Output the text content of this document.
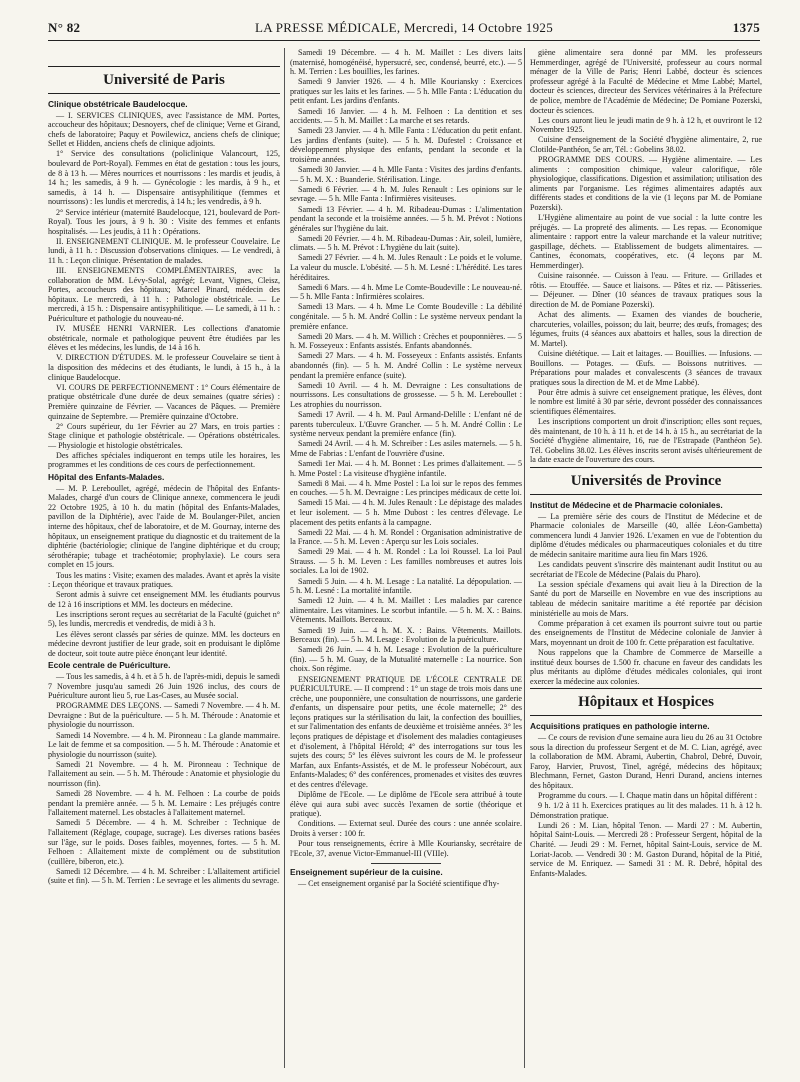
N° 82	LA PRESSE MÉDICALE, Mercredi, 14 Octobre 1925	1375
Université de Paris
Clinique obstétricale Baudelocque.

— I. SERVICES CLINIQUES, avec l'assistance de MM. Portes, accoucheur des hôpitaux; Desnoyers, chef de clinique; Verne et Girand, chefs de laboratoire; Paquy et Powilewicz, anciens chefs de clinique; Sellet et Hidden, anciens chefs de clinique adjoints.

1° Service des consultations (policlinique Valancourt, 125, boulevard de Port-Royal). Femmes en état de gestation : tous les jours, de 8 à 13 h. — Mères nourrices et nourrissons : les mardis et jeudis, à 14 h.; les samedis, à 9 h. — Gynécologie : les mardis, à 9 h., et samedis, à 14 h. — Dispensaire antisyphilitique (femmes et nourrissons) : les lundis et mercredis, à 14 h.; les vendredis, à 9 h.

2° Service intérieur (maternité Baudelocque, 121, boulevard de Port-Royal). Tous les jours, à 9 h. 30 : Visite des femmes et enfants hospitalisés. — Les jeudis, à 11 h : Opérations.

II. ENSEIGNEMENT CLINIQUE. M. le professeur Couvelaire. Le lundi, à 11 h. : Discussion d'observations cliniques. — Le vendredi, à 11 h. : Leçon clinique. Présentation de malades.

III. ENSEIGNEMENTS COMPLÉMENTAIRES, avec la collaboration de MM. Lévy-Solal, agrégé; Levant, Vignes, Cleisz, Portes, accoucheurs des hôpitaux; Marcel Pinard, médecin des hôpitaux. Le mercredi, à 11 h. : Pathologie obstétricale. — Le mercredi, à 15 h. : Dispensaire antisyphilitique. — Le samedi, à 11 h. : Puériculture et pathologie du nouveau-né.

IV. MUSÉE HENRI VARNIER. Les collections d'anatomie obstétricale, normale et pathologique peuvent être étudiées par les élèves et les médecins, les lundis, de 14 à 16 h.

V. DIRECTION D'ÉTUDES. M. le professeur Couvelaire se tient à la disposition des médecins et des étudiants, le lundi, à 15 h., à la clinique Baudelocque.

VI. COURS DE PERFECTIONNEMENT : 1° Cours élémentaire de pratique obstétricale d'une durée de deux semaines (quatre séries) : Première quinzaine de Février. — Vacances de Pâques. — Première quinzaine de Septembre. — Première quinzaine d'Octobre.

2° Cours supérieur, du 1er Février au 27 Mars, en trois parties : Stage clinique et pathologie obstétricale. — Opérations obstétricales. — Physiologie et histologie obstétricales.

Des affiches spéciales indiqueront en temps utile les horaires, les programmes et les conditions de ces cours de perfectionnement.

Hôpital des Enfants-Malades.

— M. P. Lereboullet, agrégé, médecin de l'hôpital des Enfants-Malades, chargé d'un cours de Clinique annexe, commencera le jeudi 22 Octobre 1925, à 10 h. du matin (hôpital des Enfants-Malades, pavillon de la Diphtérie), avec l'aide de M. Boulanger-Pilet, ancien interne des hôpitaux, chef de laboratoire, et de M. Gournay, interne des hôpitaux, un enseignement pratique du diagnostic et du traitement de la diphtérie (bactériologie; clinique de l'angine diphtérique et du croup; sérothérapie; tubage et trachéotomie; prophylaxie). Le cours sera complet en 15 jours.

Tous les matins : Visite; examen des malades. Avant et après la visite : Leçon théorique et travaux pratiques.

Seront admis à suivre cet enseignement MM. les étudiants pourvus de 12 à 16 inscriptions et MM. les docteurs en médecine.

Les inscriptions seront reçues au secrétariat de la Faculté (guichet n° 5), les lundis, mercredis et vendredis, de midi à 3 h.

Les élèves seront classés par séries de quinze. MM. les docteurs en médecine devront justifier de leur grade, soit en produisant le diplôme de docteur, soit toute autre pièce énonçant leur identité.

Ecole centrale de Puériculture.

— Tous les samedis, à 4 h. et à 5 h. de l'après-midi, depuis le samedi 7 Novembre jusqu'au samedi 26 Juin 1926 inclus, des cours de Puériculture auront lieu 5, rue Las-Cases, au Musée social.

PROGRAMME DES LEÇONS. — Samedi 7 Novembre. — 4 h. M. Devraigne : But de la puériculture. — 5 h. M. Théroude : Anatomie et physiologie du nourrisson.

Samedi 14 Novembre. — 4 h. M. Pironneau : La glande mammaire. Le lait de femme et sa composition. — 5 h. M. Théroude : Anatomie et physiologie du nourrisson (suite).

Samedi 21 Novembre. — 4 h. M. Pironneau : Technique de l'allaitement au sein. — 5 h. M. Théroude : Anatomie et physiologie du nourrisson (fin).

Samedi 28 Novembre. — 4 h. M. Felhoen : La courbe de poids pendant la première année. — 5 h. M. Lemaire : Les préjugés contre l'allaitement maternel. Les obstacles à l'allaitement maternel.

Samedi 5 Décembre. — 4 h. M. Schreiber : Technique de l'allaitement (Réglage, coupage, sucrage). Les diverses rations basées sur l'âge, sur le poids. Doses faibles, moyennes, fortes. — 5 h. M. Felhoen : Allaitement mixte de complément ou de substitution (cuillère, biberon, etc.).

Samedi 12 Décembre. — 4 h. M. Schreiber : L'allaitement artificiel (suite et fin). — 5 h. M. Terrien : Le sevrage et les aliments du sevrage.

Samedi 19 Décembre. — 4 h. M. Maillet : Les divers laits (maternisé, homogénéisé, hypersucré, sec, condensé, beurré, etc.). — 5 h. M. Terrien : Les bouillies, les farines.

Samedi 9 Janvier 1926. — 4 h. Mlle Kouriansky : Exercices pratiques sur les laits et les farines. — 5 h. Mlle Fanta : L'éducation du petit enfant. Les jardins d'enfants.

Samedi 16 Janvier. — 4 h. M. Felhoen : La dentition et ses accidents. — 5 h. M. Maillet : La marche et ses retards.

Samedi 23 Janvier. — 4 h. Mlle Fanta : L'éducation du petit enfant. Les jardins d'enfants (suite). — 5 h. M. Dufestel : Croissance et développement physique des enfants, pendant la seconde et la troisième années.

Samedi 30 Janvier. — 4 h. Mlle Fanta : Visites des jardins d'enfants. — 5 h. M. X. : Buanderie. Stérilisation. Linge.

Samedi 6 Février. — 4 h. M. Jules Renault : Les opinions sur le sevrage. — 5 h. Mlle Fanta : Infirmières visiteuses.

Samedi 13 Février. — 4 h. M. Ribadeau-Dumas : L'alimentation pendant la seconde et la troisième années. — 5 h. M. Prévot : Notions générales sur l'hygiène du lait.

Samedi 20 Février. — 4 h. M. Ribadeau-Dumas : Air, soleil, lumière, climats. — 5 h. M. Prévot : L'hygiène du lait (suite).

Samedi 27 Février. — 4 h. M. Jules Renault : Le poids et le volume. La valeur du muscle. L'obésité. — 5 h. M. Lesné : L'hérédité. Les tares héréditaires.

Samedi 6 Mars. — 4 h. Mme Le Comte-Boudeville : Le nouveau-né. — 5 h. Mlle Fanta : Infirmières scolaires.

Samedi 13 Mars. — 4 h. Mme Le Comte Boudeville : La débilité congénitale. — 5 h. M. André Collin : Le système nerveux pendant la première enfance.

Samedi 20 Mars. — 4 h. M. Willich : Crèches et pouponnières. — 5 h. M. Fosseyeux : Enfants assistés. Enfants abandonnés.

Samedi 27 Mars. — 4 h. M. Fosseyeux : Enfants assistés. Enfants abandonnés (fin). — 5 h. M. André Collin : Le système nerveux pendant la première enfance (suite).

Samedi 10 Avril. — 4 h. M. Devraigne : Les consultations de nourrissons. Les consultations de grossesse. — 5 h. M. Lereboullet : Les atrophies du nourrisson.

Samedi 17 Avril. — 4 h. M. Paul Armand-Delille : L'enfant né de parents tuberculeux. L'Œuvre Grancher. — 5 h. M. André Collin : Le système nerveux pendant la première enfance (fin).

Samedi 24 Avril. — 4 h. M. Schreiber : Les asiles maternels. — 5 h. Mme de Fabrias : L'enfant de l'ouvrière d'usine.

Samedi 1er Mai. — 4 h. M. Bonnet : Les primes d'allaitement. — 5 h. Mme Postel : La visiteuse d'hygiène infantile.

Samedi 8 Mai. — 4 h. Mme Postel : La loi sur le repos des femmes en couches. — 5 h. M. Devraigne : Les principes médicaux de cette loi.

Samedi 15 Mai. — 4 h. M. Jules Renault : Le dépistage des malades et leur isolement. — 5 h. Mme Dubost : les centres d'élevage. Le placement des petits enfants à la campagne.

Samedi 22 Mai. — 4 h. M. Rondel : Organisation administrative de la France. — 5 h. M. Leven : Aperçu sur les Lois sociales.

Samedi 29 Mai. — 4 h. M. Rondel : La loi Roussel. La loi Paul Strauss. — 5 h. M. Leven : Les familles nombreuses et autres lois sociales. La loi de 1902.

Samedi 5 Juin. — 4 h. M. Lesage : La natalité. La dépopulation. — 5 h. M. Lesné : La mortalité infantile.

Samedi 12 Juin. — 4 h. M. Maillet : Les maladies par carence alimentaire. Les vitamines. Le scorbut infantile. — 5 h. M. X. : Bains. Vêtements. Maillots. Berceaux.

Samedi 19 Juin. — 4 h. M. X. : Bains. Vêtements. Maillots. Berceaux (fin). — 5 h. M. Lesage : Evolution de la puériculture.

Samedi 26 Juin. — 4 h. M. Lesage : Evolution de la puériculture (fin). — 5 h. M. Guay, de la Mutualité maternelle : La nourrice. Son choix. Son régime.

ENSEIGNEMENT PRATIQUE DE L'ÉCOLE CENTRALE DE PUÉRICULTURE. — II comprend : 1° un stage de trois mois dans une crèche, une pouponnière, une consultation de nourrissons, une garderie d'enfants, un dispensaire pour petits, une école maternelle; 2° des leçons pratiques sur la stérilisation du lait, la confection des bouillies, et sur l'alimentation des enfants de deuxième et troisième années. 3° les leçons pratiques de dépistage et d'isolement des maladies contagieuses et d'isolement, à l'hôpital Hérold; 4° des interrogations sur tous les sujets des cours; 5° les élèves suivront les cours de M. le professeur Marfan, aux Enfants-Assistés, et de M. le professeur Nobécourt, aux Enfants-Malades; 6° des conférences, promenades et visites des œuvres et des centres d'élevage.

Diplôme de l'Ecole. — Le diplôme de l'Ecole sera attribué à toute élève qui aura subi avec succès l'examen de sortie (théorique et pratique).

Conditions. — Externat seul. Durée des cours : une année scolaire. Droits à verser : 100 fr.

Pour tous renseignements, écrire à Mlle Kouriansky, secrétaire de l'Ecole, 37, avenue Victor-Emmanuel-III (VIIIe).

Enseignement supérieur de la cuisine.

— Cet enseignement organisé par la Société scientifique d'hy-

giène alimentaire sera donné par MM. les professeurs Hemmerdinger, agrégé de l'Université, professeur au cours normal ménager de la Ville de Paris; Henri Labbé, docteur ès sciences professeur agrégé à la Faculté de Médecine et Mme Labbé; Martel, docteur ès sciences, directeur des Services vétérinaires à la Préfecture de police, membre de l'Académie de Médecine; De Pomiane Pozerski, docteur ès sciences.

Les cours auront lieu le jeudi matin de 9 h. à 12 h, et ouvriront le 12 Novembre 1925.

Cuisine d'enseignement de la Société d'hygiène alimentaire, 2, rue Clotilde-Panthéon, 5e arr, Tél. : Gobelins 38.02.

PROGRAMME DES COURS. — Hygiène alimentaire. — Les aliments : composition chimique, valeur calorifique, rôle physiologique, classifications. Digestion et assimilation; utilisation des aliments par l'organisme. Les régimes alimentaires adaptés aux différents stades et conditions de la vie (1 leçons par M. de Pomiane Pozerski).

L'Hygiène alimentaire au point de vue social : la lutte contre les préjugés. — La propreté des aliments. — Les repas. — Economique alimentaire : rapport entre la valeur marchande et la valeur nutritive; gaspillage, déchets. — Etablissement de budgets alimentaires. — Cantines, économats, coopératives, etc. (4 leçons par M. Hemmerdinger).

Cuisine raisonnée. — Cuisson à l'eau. — Friture. — Grillades et rôtis. — Etouffée. — Sauce et liaisons. — Pâtes et riz. — Pâtisseries. — Déjeuner. — Dîner (10 séances de travaux pratiques sous la direction de M. de Pomiane Pozerski).

Achat des aliments. — Examen des viandes de boucherie, charcuteries, volailles, poisson; du lait, beurre; des œufs, fromages; des légumes, fruits (4 séances aux abattoirs et halles, sous la direction de M. Martel).

Cuisine diététique. — Lait et laitages. — Bouillies. — Infusions. — Bouillons. — Potages. — Œufs. — Boissons nutritives. — Préparations pour malades et convalescents (3 séances de travaux pratiques sous la direction de M. et de Mme Labbé).

Pour être admis à suivre cet enseignement pratique, les élèves, dont le nombre est limité à 30 par série, devront posséder des connaissances scientifiques élémentaires.

Les inscriptions comportent un droit d'inscription; elles sont reçues, dès maintenant, de 10 h. à 11 h. et de 14 h. à 15 h., au secrétariat de la Société d'hygiène alimentaire, 16, rue de l'Estrapade (Panthéon 5e). Tél. Gobelins 38.02. Les élèves inscrits seront avisés ultérieurement de la date exacte de l'ouverture des cours.

Universités de Province
Institut de Médecine et de Pharmacie coloniales.

— La première série des cours de l'Institut de Médecine et de Pharmacie coloniales de Marseille (40, allée Léon-Gambetta) commencera lundi 4 Janvier 1926. L'examen en vue de l'obtention du diplôme d'études médicales ou pharmaceutiques coloniales et du titre de médecin sanitaire maritime aura lieu fin Mars 1926.

Les candidats peuvent s'inscrire dès maintenant audit Institut ou au secrétariat de l'Ecole de Médecine (Palais du Pharo).

La session spéciale d'examens qui avait lieu à la Direction de la Santé du port de Marseille en Novembre en vue des inscriptions au tableau de médecin sanitaire maritime a été reportée par décision ministérielle au mois de Mars.

Comme préparation à cet examen ils pourront suivre tout ou partie des enseignements de l'Institut de Médecine coloniale de Janvier à Mars, moyennant un droit de 100 fr. Cette préparation est facultative.

Nous rappelons que la Chambre de Commerce de Marseille a institué deux bourses de 1.500 fr. chacune en faveur des candidats les plus méritants au diplôme d'études médicales coloniales, qui iront exercer la médecine aux colonies.

Hôpitaux et Hospices
Acquisitions pratiques en pathologie interne.

— Ce cours de revision d'une semaine aura lieu du 26 au 31 Octobre sous la direction du professeur Sergent et de M. C. Lian, agrégé, avec la collaboration de MM. Abrami, Aubertin, Chabrol, Debré, Duvoir, Faroy, Harvier, Pruvost, Tinel, agrégé, médecins des hôpitaux; Blechmann, Fernet, Gaston Durand, Henri Durand, anciens internes des hôpitaux.

Programme du cours. — I. Chaque matin dans un hôpital différent :

9 h. 1/2 à 11 h. Exercices pratiques au lit des malades. 11 h. à 12 h. Démonstration pratique.

Lundi 26 : M. Lian, hôpital Tenon. — Mardi 27 : M. Aubertin, hôpital Saint-Louis. — Mercredi 28 : Professeur Sergent, hôpital de la Charité. — Jeudi 29 : M. Fernet, hôpital Saint-Louis, service de M. Loriat-Jacob. — Vendredi 30 : M. Gaston Durand, hôpital de la Pitié, service de M. Enriquez. — Samedi 31 : M. R. Debré, hôpital des Enfants-Malades.
